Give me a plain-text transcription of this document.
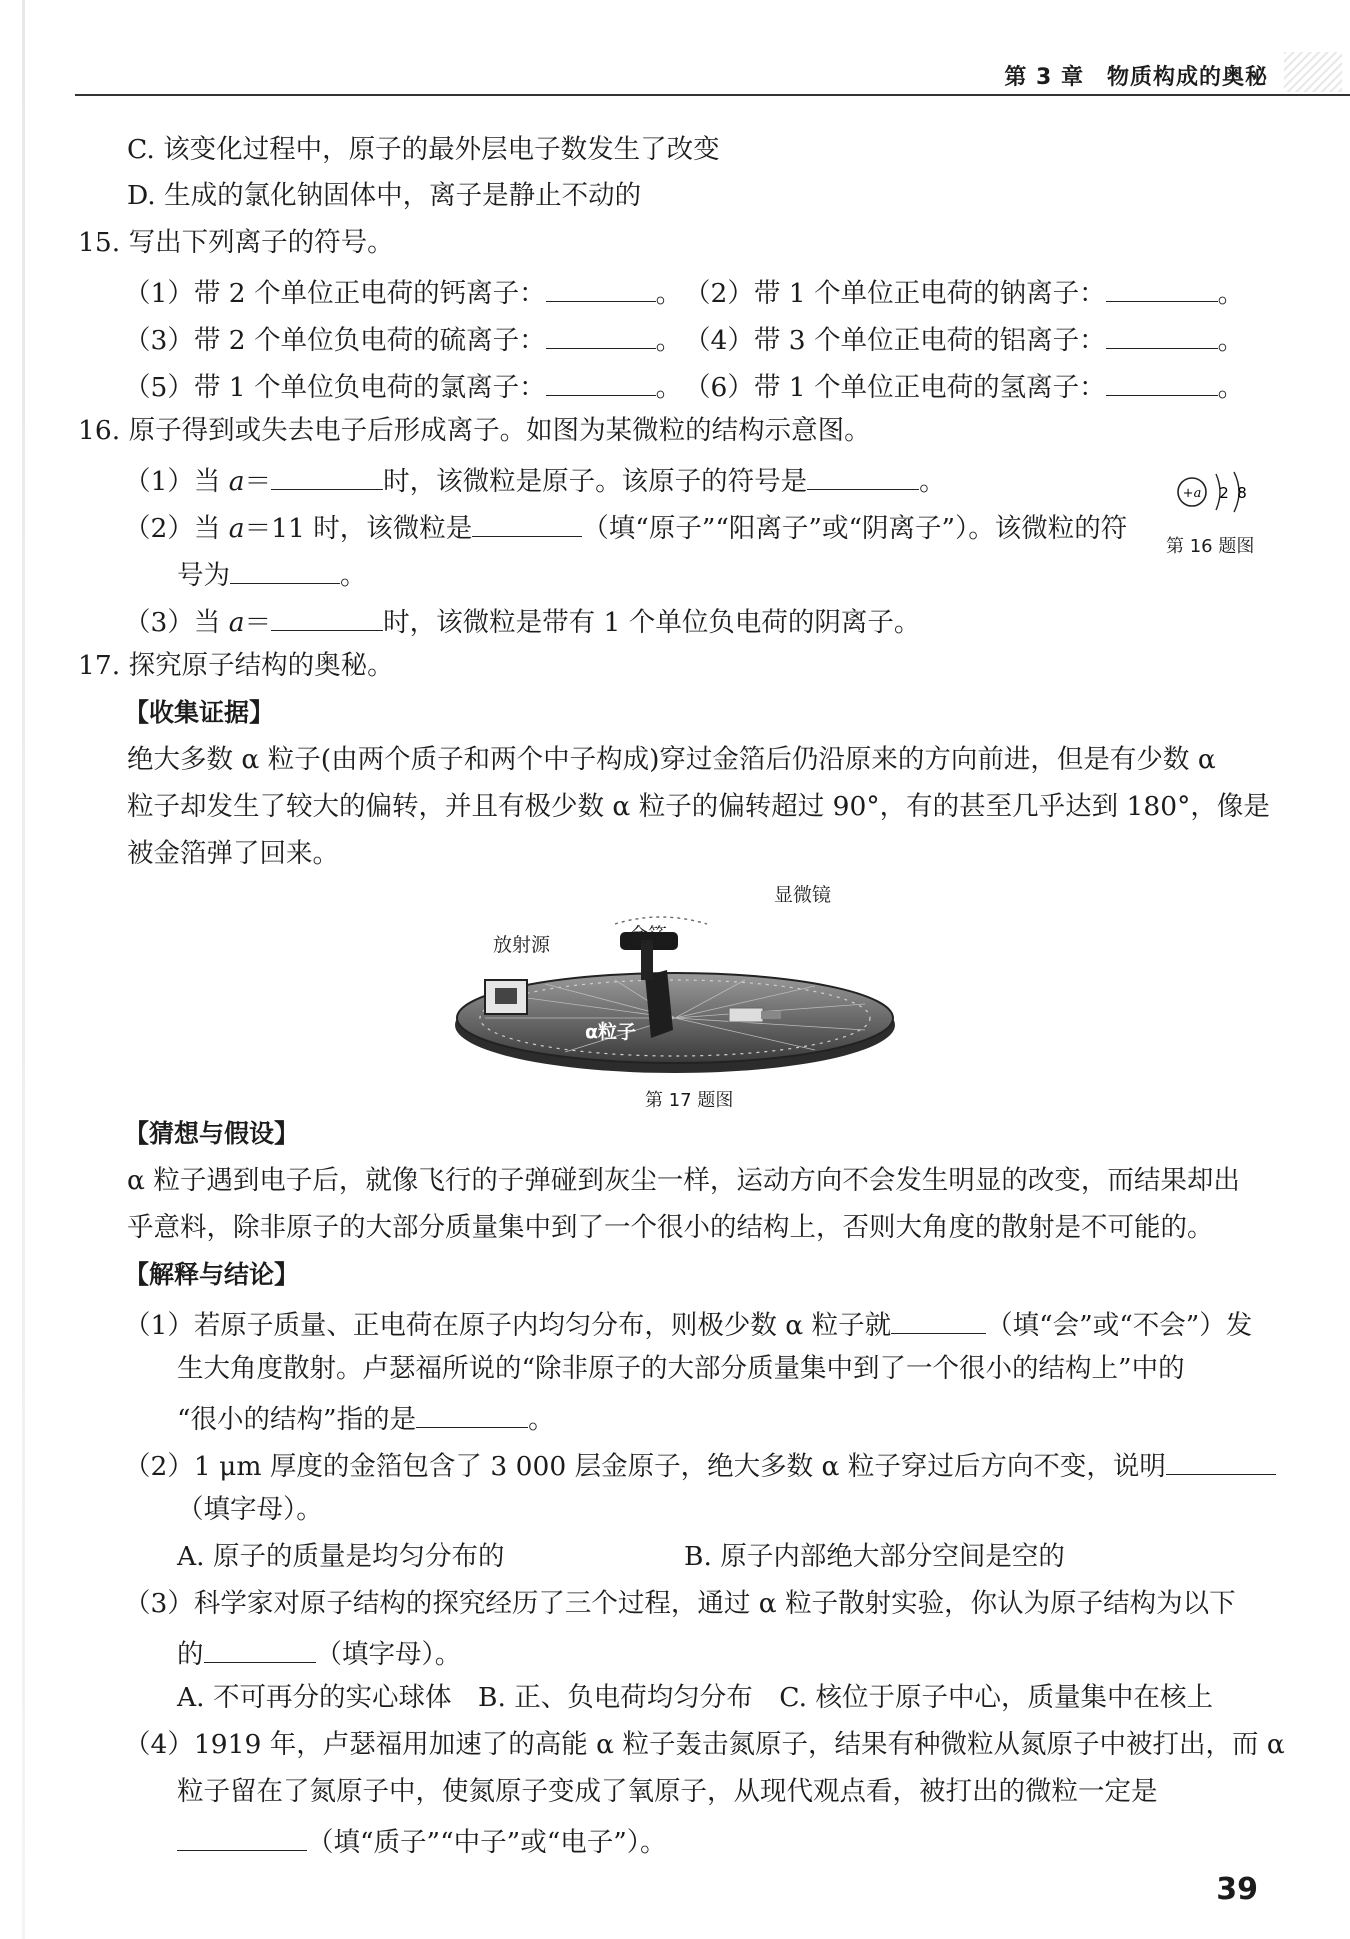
第 3 章　物质构成的奥秘
C. 该变化过程中，原子的最外层电子数发生了改变
D. 生成的氯化钠固体中，离子是静止不动的
15. 写出下列离子的符号。
（1）带 2 个单位正电荷的钙离子：	。 （2）带 1 个单位正电荷的钠离子：	。
（3）带 2 个单位负电荷的硫离子：	。 （4）带 3 个单位正电荷的铝离子：	。
（5）带 1 个单位负电荷的氯离子：	。 （6）带 1 个单位正电荷的氢离子：	。
16. 原子得到或失去电子后形成离子。如图为某微粒的结构示意图。
（1）当 a＝	时，该微粒是原子。该原子的符号是	。
（2）当 a＝11 时，该微粒是	（填“原子”“阳离子”或“阴离子”）。该微粒的符
号为	。
（3）当 a＝	时，该微粒是带有 1 个单位负电荷的阴离子。
+a 2 8
第 16 题图
17. 探究原子结构的奥秘。
【收集证据】
绝大多数 α 粒子(由两个质子和两个中子构成)穿过金箔后仍沿原来的方向前进，但是有少数 α
粒子却发生了较大的偏转，并且有极少数 α 粒子的偏转超过 90°，有的甚至几乎达到 180°，像是
被金箔弹了回来。
显微镜
放射源	金箔
α粒子
第 17 题图
【猜想与假设】
α 粒子遇到电子后，就像飞行的子弹碰到灰尘一样，运动方向不会发生明显的改变，而结果却出
乎意料，除非原子的大部分质量集中到了一个很小的结构上，否则大角度的散射是不可能的。
【解释与结论】
（1）若原子质量、正电荷在原子内均匀分布，则极少数 α 粒子就	（填“会”或“不会”）发
生大角度散射。卢瑟福所说的“除非原子的大部分质量集中到了一个很小的结构上”中的
“很小的结构”指的是	。
（2）1 μm 厚度的金箔包含了 3 000 层金原子，绝大多数 α 粒子穿过后方向不变，说明
（填字母）。
A. 原子的质量是均匀分布的	B. 原子内部绝大部分空间是空的
（3）科学家对原子结构的探究经历了三个过程，通过 α 粒子散射实验，你认为原子结构为以下
的	（填字母）。
A. 不可再分的实心球体　B. 正、负电荷均匀分布　C. 核位于原子中心，质量集中在核上
（4）1919 年，卢瑟福用加速了的高能 α 粒子轰击氮原子，结果有种微粒从氮原子中被打出，而 α
粒子留在了氮原子中，使氮原子变成了氧原子，从现代观点看，被打出的微粒一定是
（填“质子”“中子”或“电子”）。
39
